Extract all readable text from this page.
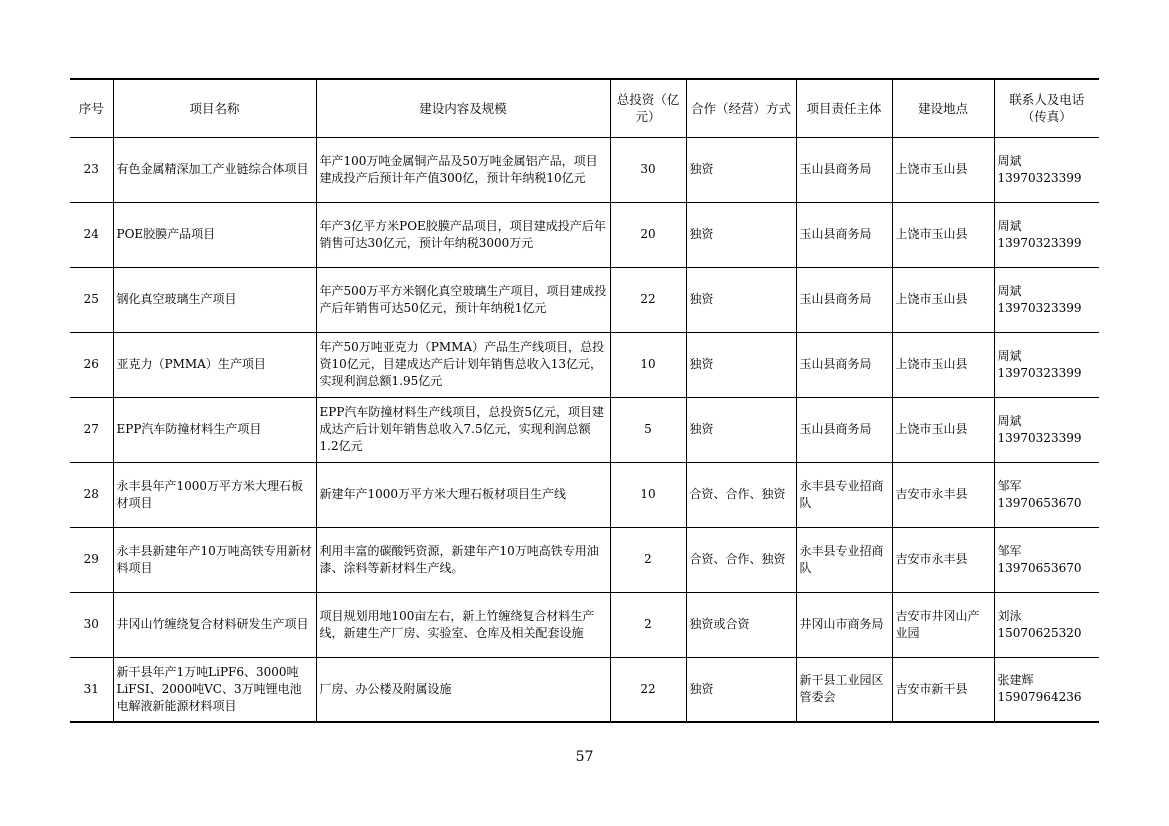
序号	项目名称	建设内容及规模	总投资（亿元）	合作（经营）方式	项目责任主体	建设地点	联系人及电话（传真）
23	有色金属精深加工产业链综合体项目	年产100万吨金属铜产品及50万吨金属铝产品，项目建成投产后预计年产值300亿，预计年纳税10亿元	30	独资	玉山县商务局	上饶市玉山县	周斌
13970323399

24	POE胶膜产品项目	年产3亿平方米POE胶膜产品项目，项目建成投产后年销售可达30亿元，预计年纳税3000万元	20	独资	玉山县商务局	上饶市玉山县	周斌
13970323399

25	钢化真空玻璃生产项目	年产500万平方米钢化真空玻璃生产项目，项目建成投产后年销售可达50亿元，预计年纳税1亿元	22	独资	玉山县商务局	上饶市玉山县	周斌
13970323399

26	亚克力（PMMA）生产项目	年产50万吨亚克力（PMMA）产品生产线项目，总投资10亿元，目建成达产后计划年销售总收入13亿元，实现利润总额1.95亿元	10	独资	玉山县商务局	上饶市玉山县	周斌
13970323399

27	EPP汽车防撞材料生产项目	EPP汽车防撞材料生产线项目，总投资5亿元，项目建成达产后计划年销售总收入7.5亿元，实现利润总额1.2亿元	5	独资	玉山县商务局	上饶市玉山县	周斌
13970323399

28	永丰县年产1000万平方米大理石板材项目	新建年产1000万平方米大理石板材项目生产线	10	合资、合作、独资	永丰县专业招商队	吉安市永丰县	邹军
13970653670

29	永丰县新建年产10万吨高铁专用新材料项目	利用丰富的碳酸钙资源，新建年产10万吨高铁专用油漆、涂料等新材料生产线。	2	合资、合作、独资	永丰县专业招商队	吉安市永丰县	邹军
13970653670

30	井冈山竹缠绕复合材料研发生产项目	项目规划用地100亩左右，新上竹缠绕复合材料生产线，新建生产厂房、实验室、仓库及相关配套设施	2	独资或合资	井冈山市商务局	吉安市井冈山产业园	刘泳
15070625320

31	新干县年产1万吨LiPF6、3000吨LiFSI、2000吨VC、3万吨锂电池电解液新能源材料项目	厂房、办公楼及附属设施	22	独资	新干县工业园区管委会	吉安市新干县	张建辉
15907964236
57
